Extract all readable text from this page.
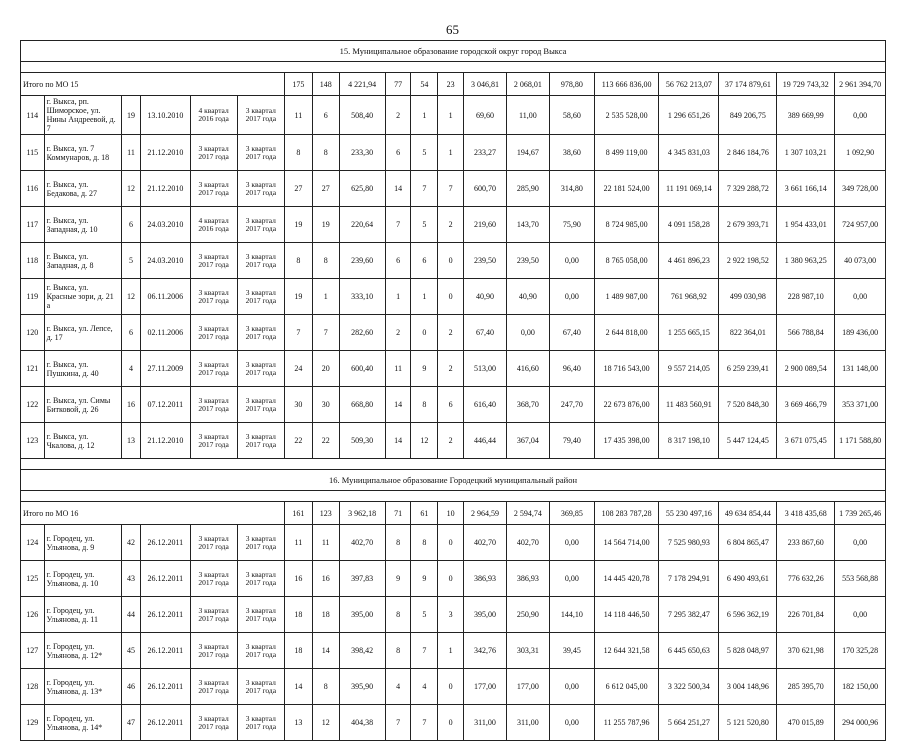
65
15. Муниципальное образование городской округ город Выкса																			

Итого по МО 15						175	148	4 221,94	77	54	23	3 046,81	2 068,01	978,80	113 666 836,00	56 762 213,07	37 174 879,61	19 729 743,32	2 961 394,70
114	г. Выкса, рп. Шиморское, ул. Нины Андреевой, д. 7	19	13.10.2010	4 квартал 2016 года	3 квартал 2017 года	11	6	508,40	2	1	1	69,60	11,00	58,60	2 535 528,00	1 296 651,26	849 206,75	389 669,99	0,00
115	г. Выкса, ул. 7 Коммунаров, д. 18	11	21.12.2010	3 квартал 2017 года	3 квартал 2017 года	8	8	233,30	6	5	1	233,27	194,67	38,60	8 499 119,00	4 345 831,03	2 846 184,76	1 307 103,21	1 092,90
116	г. Выкса, ул. Бедакова, д. 27	12	21.12.2010	3 квартал 2017 года	3 квартал 2017 года	27	27	625,80	14	7	7	600,70	285,90	314,80	22 181 524,00	11 191 069,14	7 329 288,72	3 661 166,14	349 728,00
117	г. Выкса, ул. Западная, д. 10	6	24.03.2010	4 квартал 2016 года	3 квартал 2017 года	19	19	220,64	7	5	2	219,60	143,70	75,90	8 724 985,00	4 091 158,28	2 679 393,71	1 954 433,01	724 957,00
118	г. Выкса, ул. Западная, д. 8	5	24.03.2010	3 квартал 2017 года	3 квартал 2017 года	8	8	239,60	6	6	0	239,50	239,50	0,00	8 765 058,00	4 461 896,23	2 922 198,52	1 380 963,25	40 073,00
119	г. Выкса, ул. Красные зори, д. 21 а	12	06.11.2006	3 квартал 2017 года	3 квартал 2017 года	19	1	333,10	1	1	0	40,90	40,90	0,00	1 489 987,00	761 968,92	499 030,98	228 987,10	0,00
120	г. Выкса, ул. Лепсе, д. 17	6	02.11.2006	3 квартал 2017 года	3 квартал 2017 года	7	7	282,60	2	0	2	67,40	0,00	67,40	2 644 818,00	1 255 665,15	822 364,01	566 788,84	189 436,00
121	г. Выкса, ул. Пушкина, д. 40	4	27.11.2009	3 квартал 2017 года	3 квартал 2017 года	24	20	600,40	11	9	2	513,00	416,60	96,40	18 716 543,00	9 557 214,05	6 259 239,41	2 900 089,54	131 148,00
122	г. Выкса, ул. Симы Битковой, д. 26	16	07.12.2011	3 квартал 2017 года	3 квартал 2017 года	30	30	668,80	14	8	6	616,40	368,70	247,70	22 673 876,00	11 483 560,91	7 520 848,30	3 669 466,79	353 371,00
123	г. Выкса, ул. Чкалова, д. 12	13	21.12.2010	3 квартал 2017 года	3 квартал 2017 года	22	22	509,30	14	12	2	446,44	367,04	79,40	17 435 398,00	8 317 198,10	5 447 124,45	3 671 075,45	1 171 588,80

16. Муниципальное образование Городецкий муниципальный район																			

Итого по МО 16						161	123	3 962,18	71	61	10	2 964,59	2 594,74	369,85	108 283 787,28	55 230 497,16	49 634 854,44	3 418 435,68	1 739 265,46
124	г. Городец, ул. Ульянова, д. 9	42	26.12.2011	3 квартал 2017 года	3 квартал 2017 года	11	11	402,70	8	8	0	402,70	402,70	0,00	14 564 714,00	7 525 980,93	6 804 865,47	233 867,60	0,00
125	г. Городец, ул. Ульянова, д. 10	43	26.12.2011	3 квартал 2017 года	3 квартал 2017 года	16	16	397,83	9	9	0	386,93	386,93	0,00	14 445 420,78	7 178 294,91	6 490 493,61	776 632,26	553 568,88
126	г. Городец, ул. Ульянова, д. 11	44	26.12.2011	3 квартал 2017 года	3 квартал 2017 года	18	18	395,00	8	5	3	395,00	250,90	144,10	14 118 446,50	7 295 382,47	6 596 362,19	226 701,84	0,00
127	г. Городец, ул. Ульянова, д. 12*	45	26.12.2011	3 квартал 2017 года	3 квартал 2017 года	18	14	398,42	8	7	1	342,76	303,31	39,45	12 644 321,58	6 445 650,63	5 828 048,97	370 621,98	170 325,28
128	г. Городец, ул. Ульянова, д. 13*	46	26.12.2011	3 квартал 2017 года	3 квартал 2017 года	14	8	395,90	4	4	0	177,00	177,00	0,00	6 612 045,00	3 322 500,34	3 004 148,96	285 395,70	182 150,00
129	г. Городец, ул. Ульянова, д. 14*	47	26.12.2011	3 квартал 2017 года	3 квартал 2017 года	13	12	404,38	7	7	0	311,00	311,00	0,00	11 255 787,96	5 664 251,27	5 121 520,80	470 015,89	294 000,96
